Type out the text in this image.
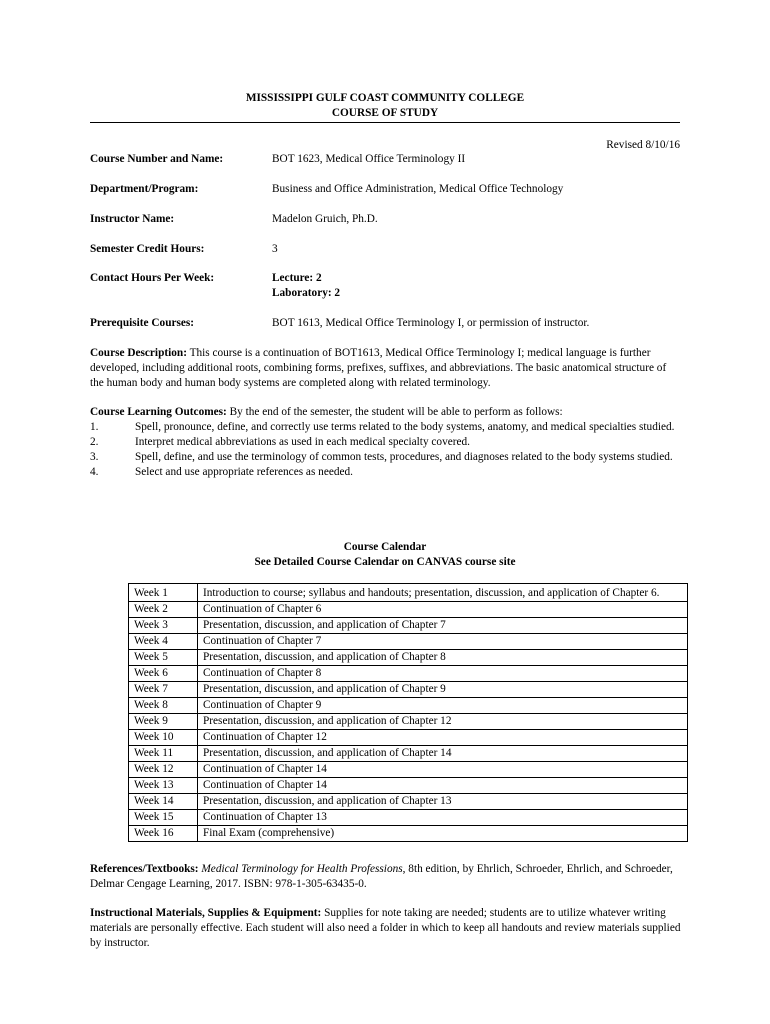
MISSISSIPPI GULF COAST COMMUNITY COLLEGE
COURSE OF STUDY
Revised 8/10/16
Course Number and Name:	BOT 1623, Medical Office Terminology II
Department/Program:	Business and Office Administration, Medical Office Technology
Instructor Name:	Madelon Gruich, Ph.D.
Semester Credit Hours:	3
Contact Hours Per Week:	Lecture: 2
Laboratory: 2
Prerequisite Courses:	BOT 1613, Medical Office Terminology I, or permission of instructor.
Course Description: This course is a continuation of BOT1613, Medical Office Terminology I; medical language is further developed, including additional roots, combining forms, prefixes, suffixes, and abbreviations. The basic anatomical structure of the human body and human body systems are completed along with related terminology.
Course Learning Outcomes: By the end of the semester, the student will be able to perform as follows:
1.	Spell, pronounce, define, and correctly use terms related to the body systems, anatomy, and medical specialties studied.
2.	Interpret medical abbreviations as used in each medical specialty covered.
3.	Spell, define, and use the terminology of common tests, procedures, and diagnoses related to the body systems studied.
4.	Select and use appropriate references as needed.
Course Calendar
See Detailed Course Calendar on CANVAS course site
Week 1	Introduction to course; syllabus and handouts; presentation, discussion, and application of Chapter 6.
Week 2	Continuation of Chapter 6
Week 3	Presentation, discussion, and application of Chapter 7
Week 4	Continuation of Chapter 7
Week 5	Presentation, discussion, and application of Chapter 8
Week 6	Continuation of Chapter 8
Week 7	Presentation, discussion, and application of Chapter 9
Week 8	Continuation of Chapter 9
Week 9	Presentation, discussion, and application of Chapter 12
Week 10	Continuation of Chapter 12
Week 11	Presentation, discussion, and application of Chapter 14
Week 12	Continuation of Chapter 14
Week 13	Continuation of Chapter 14
Week 14	Presentation, discussion, and application of Chapter 13
Week 15	Continuation of Chapter 13
Week 16	Final Exam (comprehensive)
References/Textbooks: Medical Terminology for Health Professions, 8th edition, by Ehrlich, Schroeder, Ehrlich, and Schroeder, Delmar Cengage Learning, 2017. ISBN: 978-1-305-63435-0.
Instructional Materials, Supplies & Equipment: Supplies for note taking are needed; students are to utilize whatever writing materials are personally effective. Each student will also need a folder in which to keep all handouts and review materials supplied by instructor.
